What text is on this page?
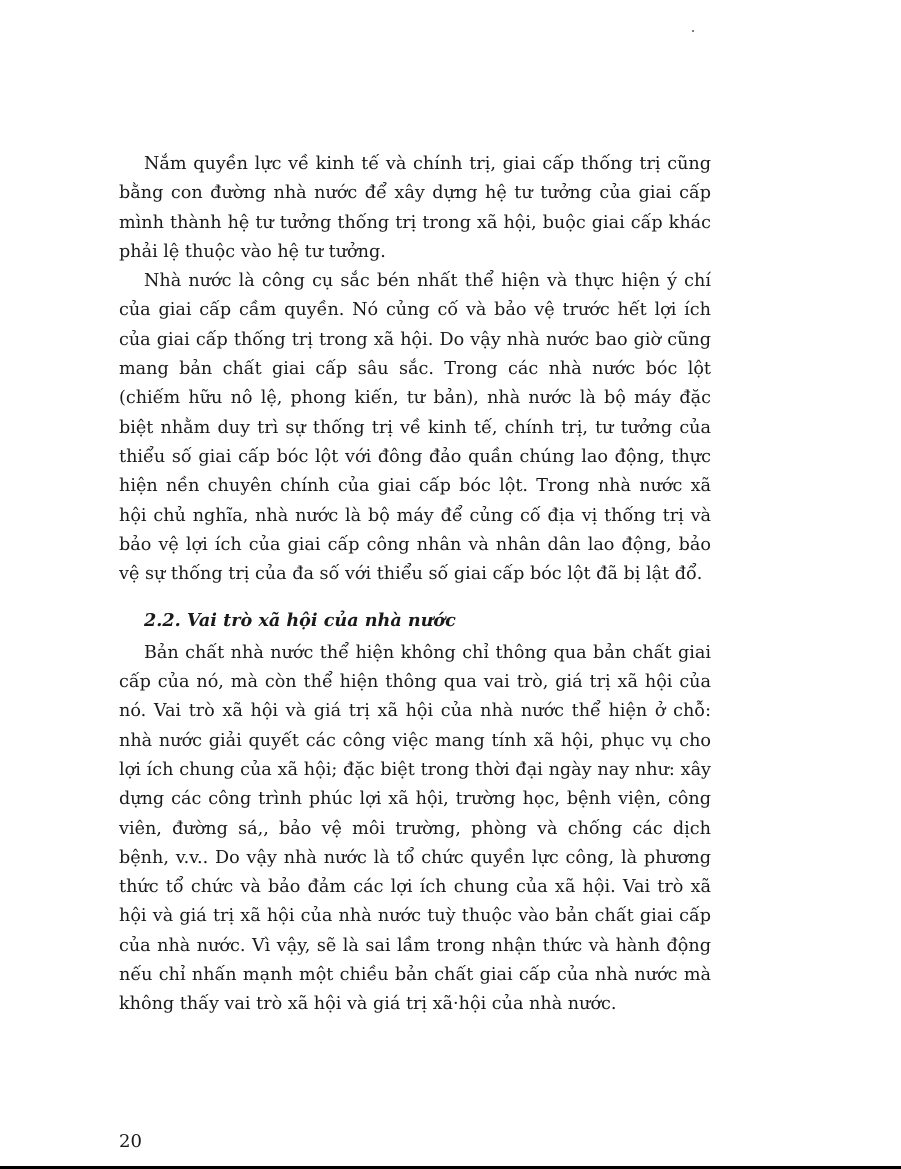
Nắm quyền lực về kinh tế và chính trị, giai cấp thống trị cũng bằng con đường nhà nước để xây dựng hệ tư tưởng của giai cấp mình thành hệ tư tưởng thống trị trong xã hội, buộc giai cấp khác phải lệ thuộc vào hệ tư tưởng.

Nhà nước là công cụ sắc bén nhất thể hiện và thực hiện ý chí của giai cấp cầm quyền. Nó củng cố và bảo vệ trước hết lợi ích của giai cấp thống trị trong xã hội. Do vậy nhà nước bao giờ cũng mang bản chất giai cấp sâu sắc. Trong các nhà nước bóc lột (chiếm hữu nô lệ, phong kiến, tư bản), nhà nước là bộ máy đặc biệt nhằm duy trì sự thống trị về kinh tế, chính trị, tư tưởng của thiểu số giai cấp bóc lột với đông đảo quần chúng lao động, thực hiện nền chuyên chính của giai cấp bóc lột. Trong nhà nước xã hội chủ nghĩa, nhà nước là bộ máy để củng cố địa vị thống trị và bảo vệ lợi ích của giai cấp công nhân và nhân dân lao động, bảo vệ sự thống trị của đa số với thiểu số giai cấp bóc lột đã bị lật đổ.

2.2. Vai trò xã hội của nhà nước

Bản chất nhà nước thể hiện không chỉ thông qua bản chất giai cấp của nó, mà còn thể hiện thông qua vai trò, giá trị xã hội của nó. Vai trò xã hội và giá trị xã hội của nhà nước thể hiện ở chỗ: nhà nước giải quyết các công việc mang tính xã hội, phục vụ cho lợi ích chung của xã hội; đặc biệt trong thời đại ngày nay như: xây dựng các công trình phúc lợi xã hội, trường học, bệnh viện, công viên, đường sá,, bảo vệ môi trường, phòng và chống các dịch bệnh, v.v.. Do vậy nhà nước là tổ chức quyền lực công, là phương thức tổ chức và bảo đảm các lợi ích chung của xã hội. Vai trò xã hội và giá trị xã hội của nhà nước tuỳ thuộc vào bản chất giai cấp của nhà nước. Vì vậy, sẽ là sai lầm trong nhận thức và hành động nếu chỉ nhấn mạnh một chiều bản chất giai cấp của nhà nước mà không thấy vai trò xã hội và giá trị xã·hội của nhà nước.

20
